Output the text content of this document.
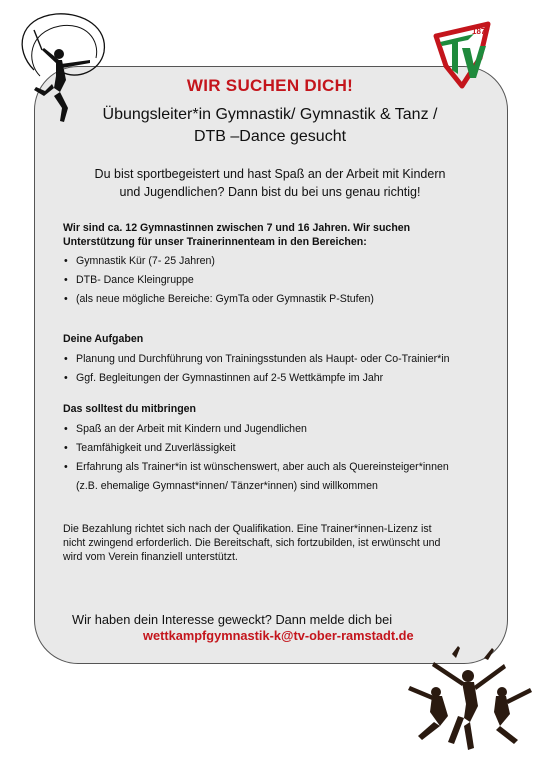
1877
WIR SUCHEN DICH!
Übungsleiter*in Gymnastik/ Gymnastik & Tanz /
DTB –Dance gesucht
Du bist sportbegeistert und hast Spaß an der Arbeit mit Kindern
und Jugendlichen? Dann bist du bei uns genau richtig!
Wir sind ca. 12 Gymnastinnen zwischen 7 und 16 Jahren. Wir suchen
Unterstützung für unser Trainerinnenteam in den Bereichen:
• Gymnastik Kür (7- 25 Jahren)
• DTB- Dance Kleingruppe
• (als neue mögliche Bereiche: GymTa oder Gymnastik P-Stufen)
Deine Aufgaben
• Planung und Durchführung von Trainingsstunden als Haupt- oder Co-Trainier*in
• Ggf. Begleitungen der Gymnastinnen auf 2-5 Wettkämpfe im Jahr
Das solltest du mitbringen
• Spaß an der Arbeit mit Kindern und Jugendlichen
• Teamfähigkeit und Zuverlässigkeit
• Erfahrung als Trainer*in ist wünschenswert, aber auch als Quereinsteiger*innen
(z.B. ehemalige Gymnast*innen/ Tänzer*innen) sind willkommen
Die Bezahlung richtet sich nach der Qualifikation. Eine Trainer*innen-Lizenz ist
nicht zwingend erforderlich. Die Bereitschaft, sich fortzubilden, ist erwünscht und
wird vom Verein finanziell unterstützt.
Wir haben dein Interesse geweckt? Dann melde dich bei
wettkampfgymnastik-k@tv-ober-ramstadt.de
